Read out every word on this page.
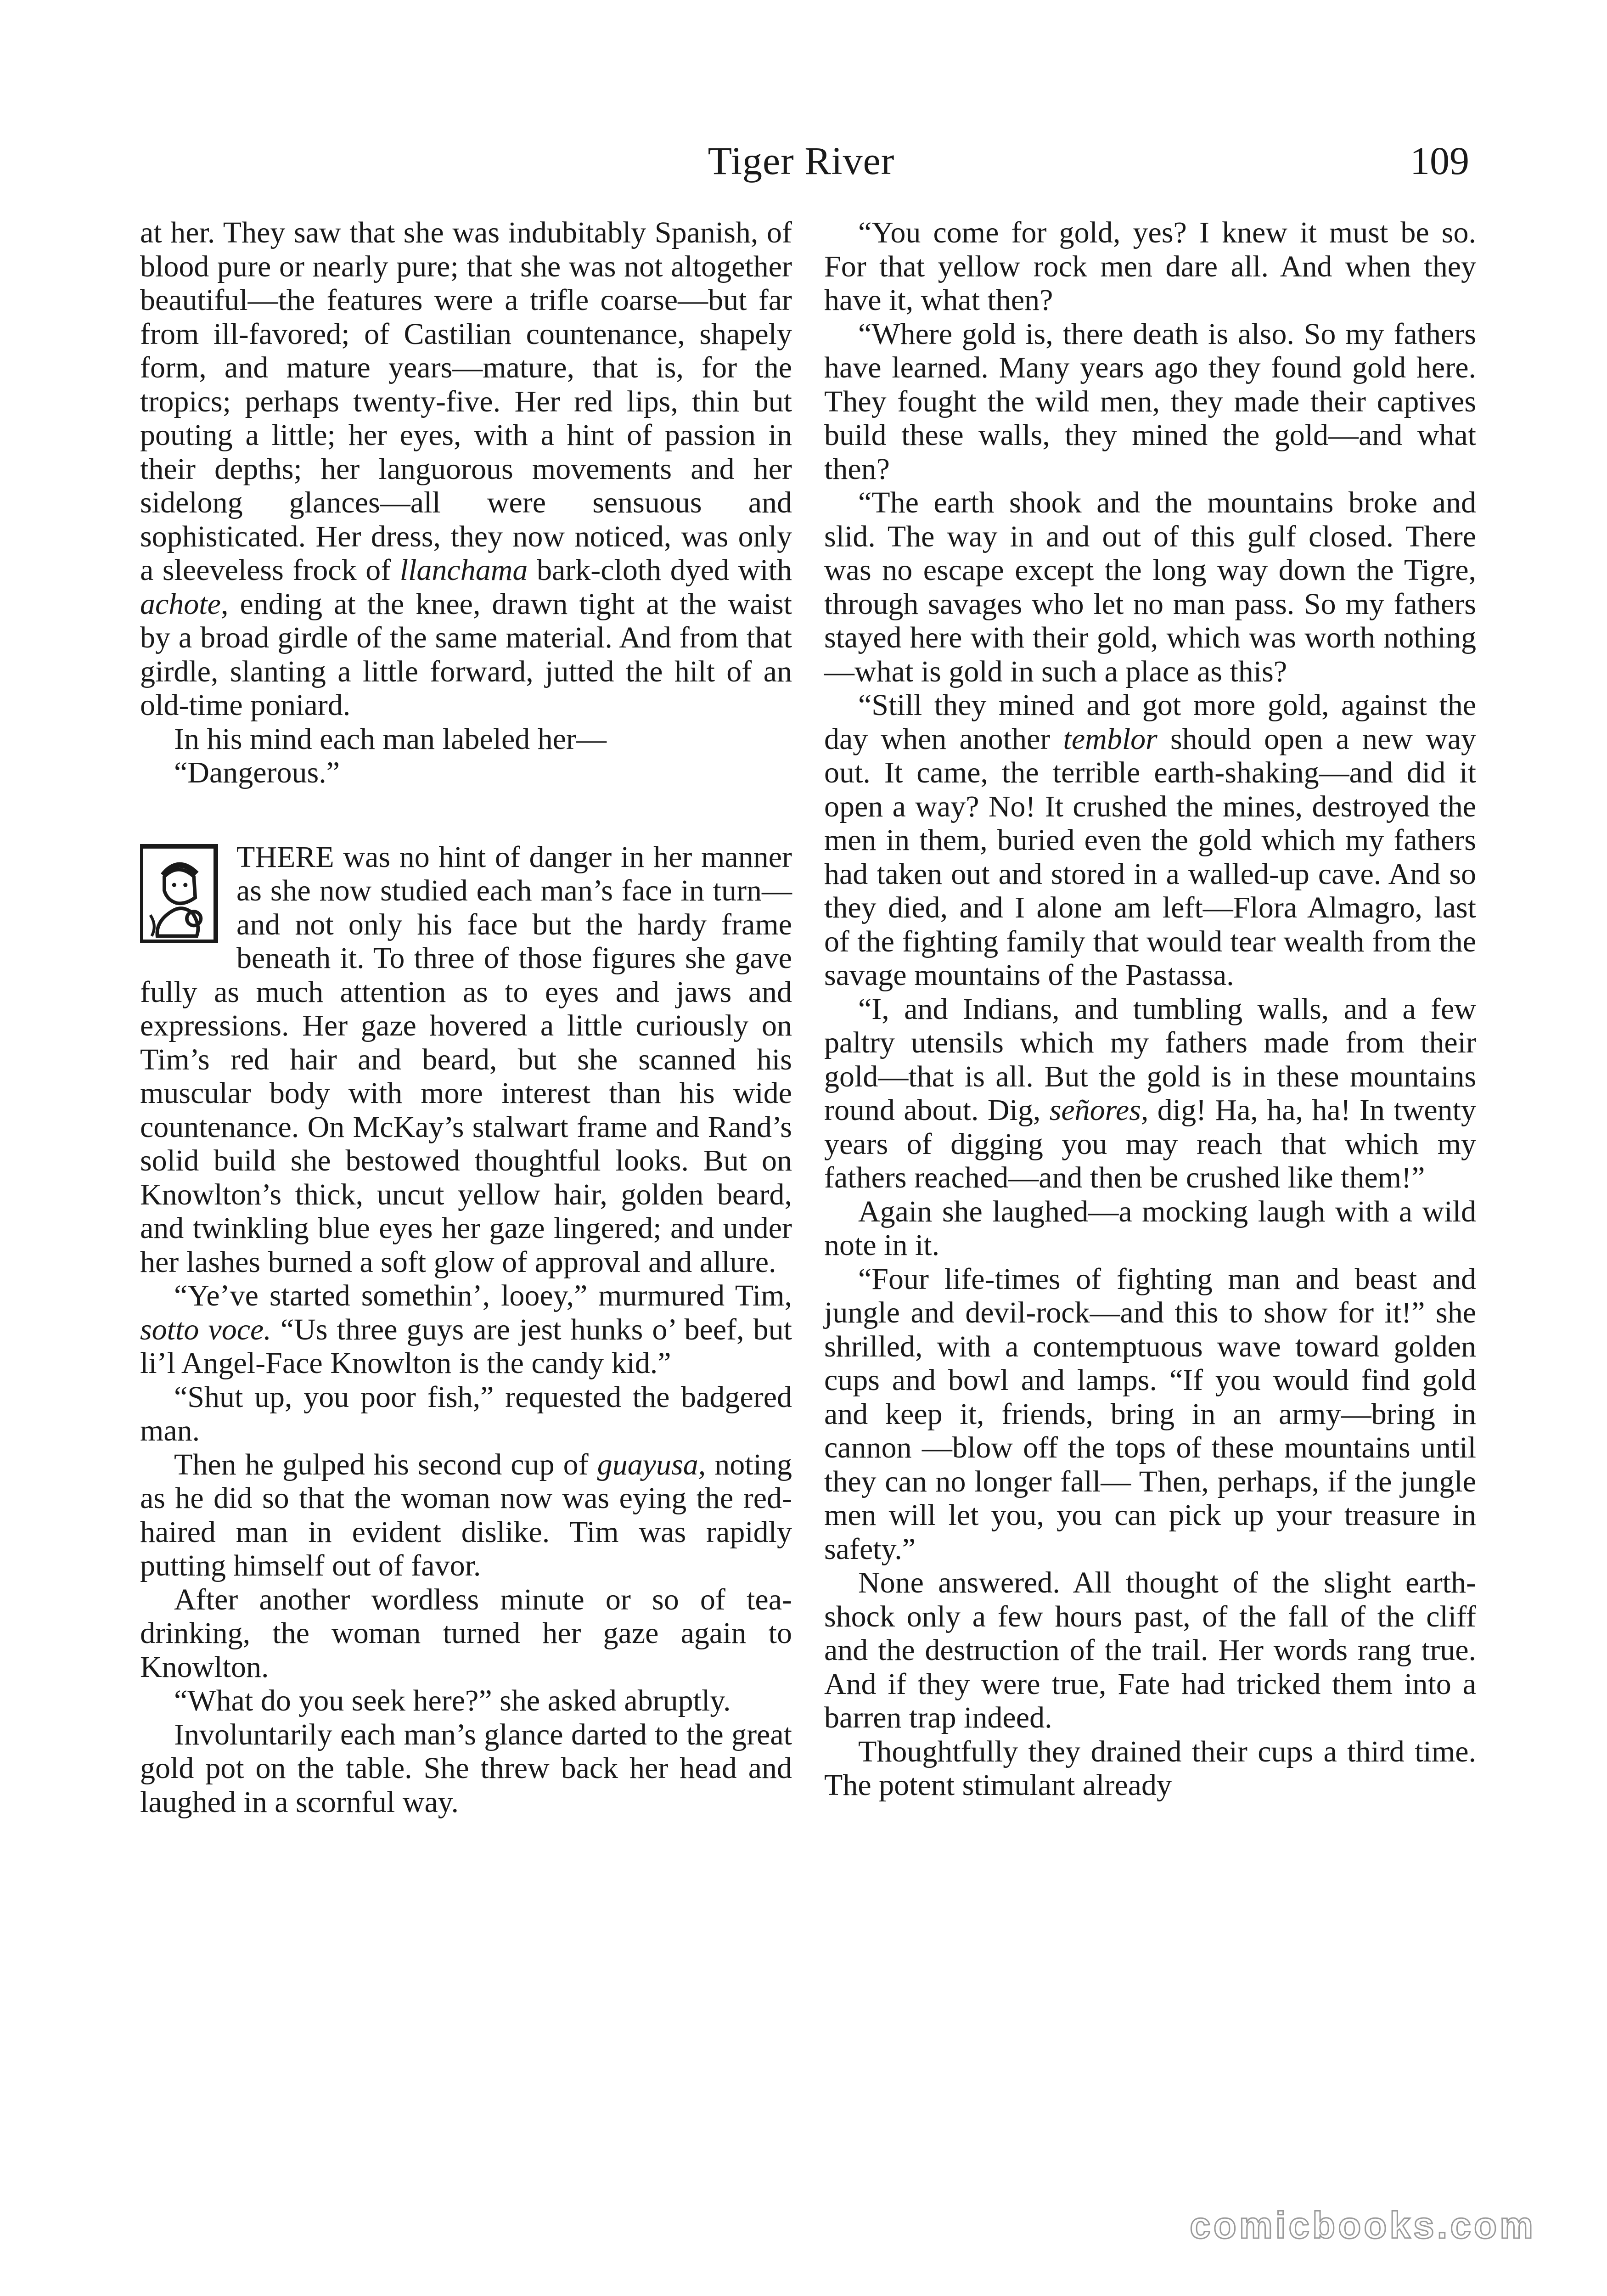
Tiger River	109

at her. They saw that she was indubitably Spanish, of blood pure or nearly pure; that she was not altogether beautiful—the features were a trifle coarse—but far from ill-favored; of Castilian countenance, shapely form, and mature years—mature, that is, for the tropics; perhaps twenty-five. Her red lips, thin but pouting a little; her eyes, with a hint of passion in their depths; her languorous movements and her sidelong glances—all were sensuous and sophisticated. Her dress, they now noticed, was only a sleeveless frock of llanchama bark-cloth dyed with achote, ending at the knee, drawn tight at the waist by a broad girdle of the same material. And from that girdle, slanting a little forward, jutted the hilt of an old-time poniard.

In his mind each man labeled her—

“Dangerous.”

THERE was no hint of danger in her manner as she now studied each man’s face in turn—and not only his face but the hardy frame beneath it. To three of those figures she gave fully as much attention as to eyes and jaws and expressions. Her gaze hovered a little curiously on Tim’s red hair and beard, but she scanned his muscular body with more interest than his wide countenance. On McKay’s stalwart frame and Rand’s solid build she bestowed thoughtful looks. But on Knowlton’s thick, uncut yellow hair, golden beard, and twinkling blue eyes her gaze lingered; and under her lashes burned a soft glow of approval and allure.

“Ye’ve started somethin’, looey,” murmured Tim, sotto voce. “Us three guys are jest hunks o’ beef, but li’l Angel-Face Knowlton is the candy kid.”

“Shut up, you poor fish,” requested the badgered man.

Then he gulped his second cup of guayusa, noting as he did so that the woman now was eying the red-haired man in evident dislike. Tim was rapidly putting himself out of favor.

After another wordless minute or so of tea-drinking, the woman turned her gaze again to Knowlton.

“What do you seek here?” she asked abruptly.

Involuntarily each man’s glance darted to the great gold pot on the table. She threw back her head and laughed in a scornful way.

“You come for gold, yes? I knew it must be so. For that yellow rock men dare all. And when they have it, what then?

“Where gold is, there death is also. So my fathers have learned. Many years ago they found gold here. They fought the wild men, they made their captives build these walls, they mined the gold—and what then?

“The earth shook and the mountains broke and slid. The way in and out of this gulf closed. There was no escape except the long way down the Tigre, through savages who let no man pass. So my fathers stayed here with their gold, which was worth nothing—what is gold in such a place as this?

“Still they mined and got more gold, against the day when another temblor should open a new way out. It came, the terrible earth-shaking—and did it open a way? No! It crushed the mines, destroyed the men in them, buried even the gold which my fathers had taken out and stored in a walled-up cave. And so they died, and I alone am left—Flora Almagro, last of the fighting family that would tear wealth from the savage mountains of the Pastassa.

“I, and Indians, and tumbling walls, and a few paltry utensils which my fathers made from their gold—that is all. But the gold is in these mountains round about. Dig, señores, dig! Ha, ha, ha! In twenty years of digging you may reach that which my fathers reached—and then be crushed like them!”

Again she laughed—a mocking laugh with a wild note in it.

“Four life-times of fighting man and beast and jungle and devil-rock—and this to show for it!” she shrilled, with a contemptuous wave toward golden cups and bowl and lamps. “If you would find gold and keep it, friends, bring in an army—bring in cannon —blow off the tops of these mountains until they can no longer fall— Then, perhaps, if the jungle men will let you, you can pick up your treasure in safety.”

None answered. All thought of the slight earth-shock only a few hours past, of the fall of the cliff and the destruction of the trail. Her words rang true. And if they were true, Fate had tricked them into a barren trap indeed.

Thoughtfully they drained their cups a third time. The potent stimulant already

comicbooks.com
